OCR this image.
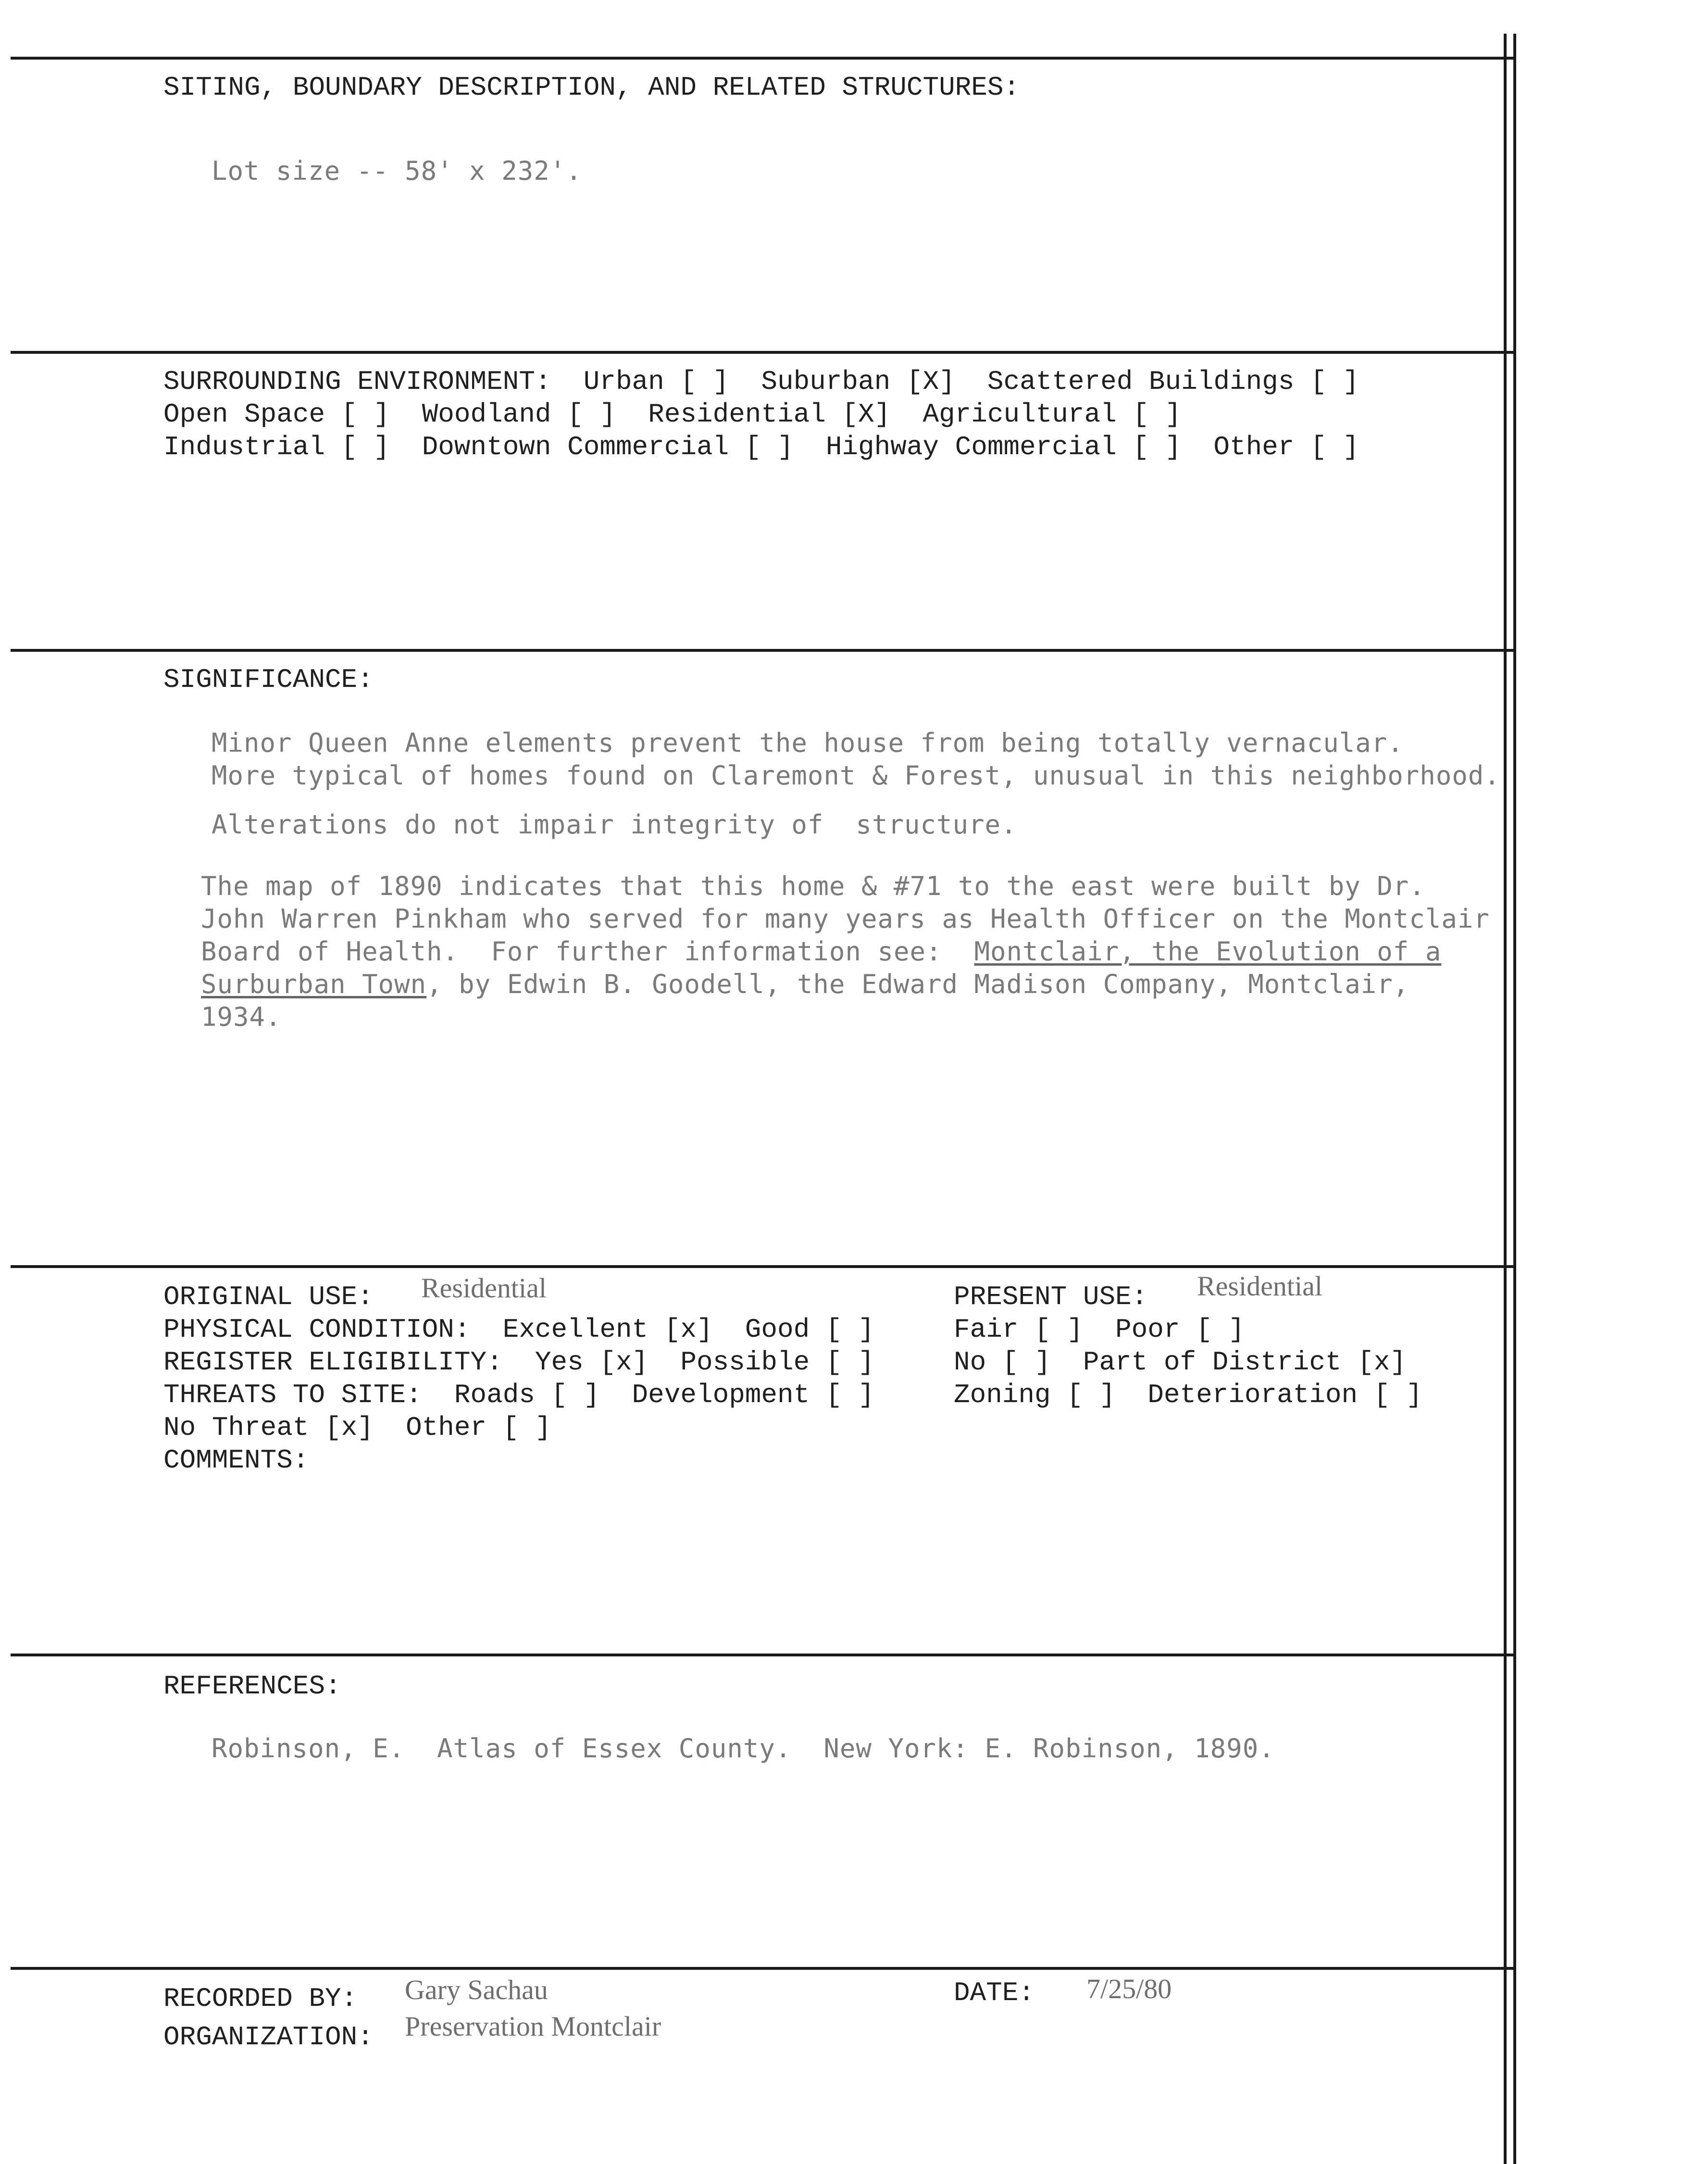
SITING, BOUNDARY DESCRIPTION, AND RELATED STRUCTURES:
Lot size -- 58' x 232'.
SURROUNDING ENVIRONMENT:  Urban [ ]  Suburban [X]  Scattered Buildings [ ]
Open Space [ ]  Woodland [ ]  Residential [X]  Agricultural [ ]
Industrial [ ]  Downtown Commercial [ ]  Highway Commercial [ ]  Other [ ]
SIGNIFICANCE:
Minor Queen Anne elements prevent the house from being totally vernacular.
More typical of homes found on Claremont & Forest, unusual in this neighborhood.
Alterations do not impair integrity of  structure.
The map of 1890 indicates that this home & #71 to the east were built by Dr.
John Warren Pinkham who served for many years as Health Officer on the Montclair
Board of Health.  For further information see:  Montclair, the Evolution of a
Surburban Town, by Edwin B. Goodell, the Edward Madison Company, Montclair,
1934.
ORIGINAL USE: Residential	PRESENT USE: Residential
PHYSICAL CONDITION:  Excellent [x]  Good [ ]	Fair [ ]  Poor [ ]
REGISTER ELIGIBILITY:  Yes [x]  Possible [ ]	No [ ]  Part of District [x]
THREATS TO SITE:  Roads [ ]  Development [ ]	Zoning [ ]  Deterioration [ ]
No Threat [x]  Other [ ]
COMMENTS:
REFERENCES:
Robinson, E.  Atlas of Essex County.  New York: E. Robinson, 1890.
RECORDED BY: Gary Sachau	DATE: 7/25/80
ORGANIZATION: Preservation Montclair
